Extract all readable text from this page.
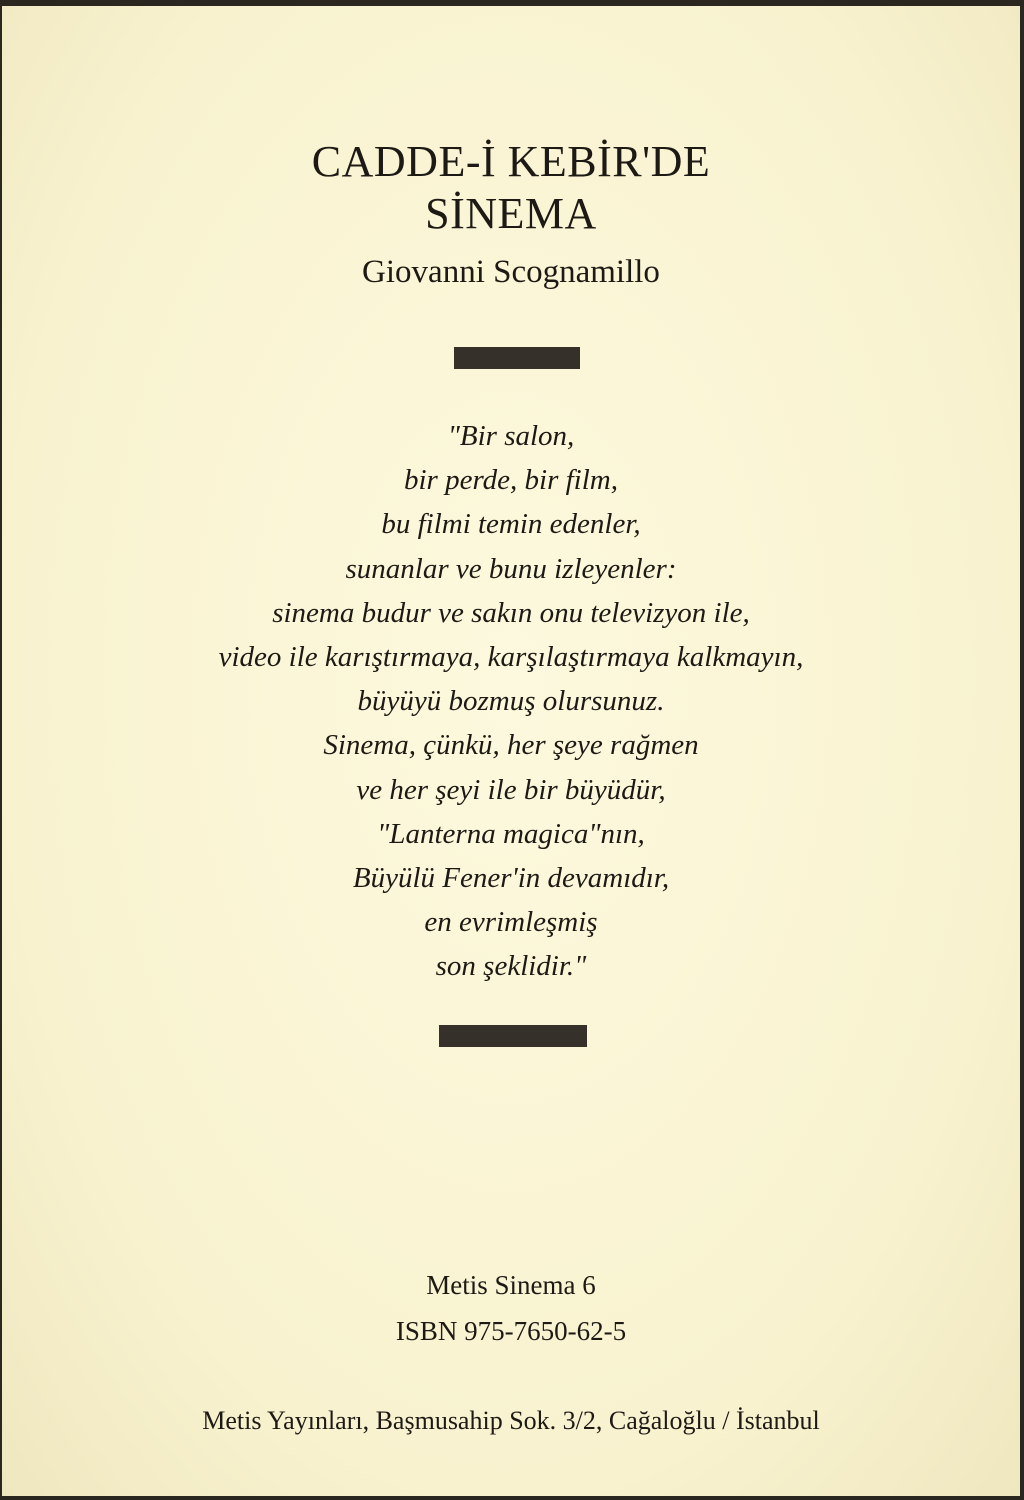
CADDE-İ KEBİR'DE
SİNEMA
Giovanni Scognamillo
"Bir salon,
bir perde, bir film,
bu filmi temin edenler,
sunanlar ve bunu izleyenler:
sinema budur ve sakın onu televizyon ile,
video ile karıştırmaya, karşılaştırmaya kalkmayın,
büyüyü bozmuş olursunuz.
Sinema, çünkü, her şeye rağmen
ve her şeyi ile bir büyüdür,
"Lanterna magica"nın,
Büyülü Fener'in devamıdır,
en evrimleşmiş
son şeklidir."
Metis Sinema 6
ISBN 975-7650-62-5
Metis Yayınları, Başmusahip Sok. 3/2, Cağaloğlu / İstanbul
